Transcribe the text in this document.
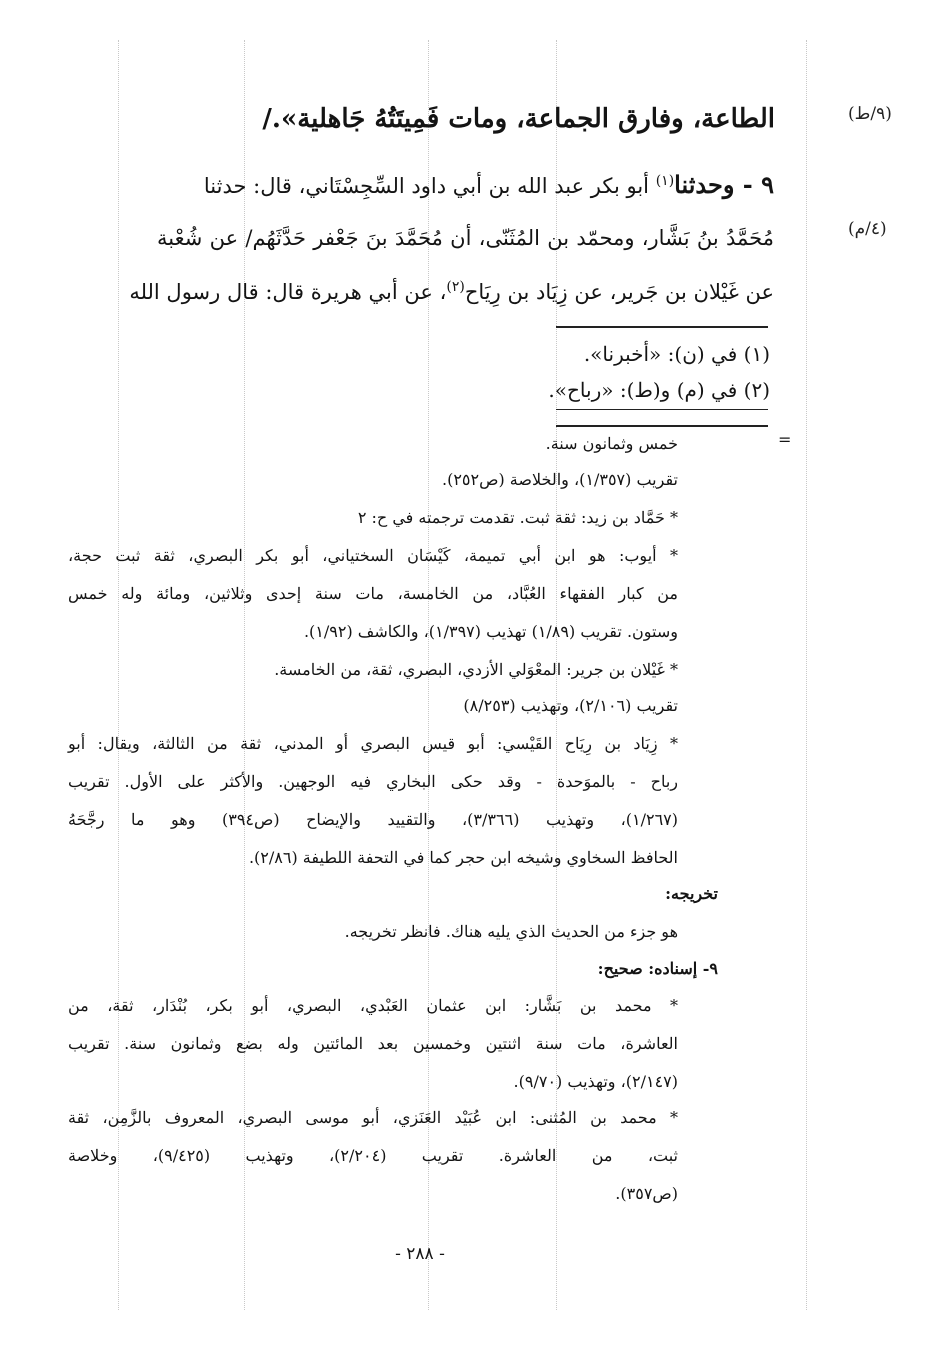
(٩/ط)
(٤/م)
الطاعة، وفارق الجماعة، ومات فَمِيتَتُهُ جَاهلية»./
٩ - وحدثنا$^{(١)}$ أبو بكر عبد الله بن أبي داود السِّجِسْتَاني، قال: حدثنا
مُحَمَّدُ بنُ بَشَّار، ومحمّد بن المُثَنّى، أن مُحَمَّدَ بنَ جَعْفر حَدَّثَهُم/ عن شُعْبة
عن غَيْلان بن جَرير، عن زِيَاد بن رِيَاح$^{(٢)}$، عن أبي هريرة قال: قال رسول الله
(١) في (ن): «أخبرنا».
(٢) في (م) و(ط): «رباح».
=
خمس وثمانون سنة.
تقريب (١/٣٥٧)، والخلاصة (ص٢٥٢).
* حَمَّاد بن زيد: ثقة ثبت. تقدمت ترجمته في ح: ٢
* أيوب: هو ابن أبي تميمة، كَيْسَان السختياني، أبو بكر البصري، ثقة ثبت حجة،
من كبار الفقهاء العُبَّاد، من الخامسة، مات سنة إحدى وثلاثين، ومائة وله خمس
وستون. تقريب (١/٨٩) تهذيب (١/٣٩٧)، والكاشف (١/٩٢).
* غَيْلان بن جرير: المعْوَلي الأزدي، البصري، ثقة، من الخامسة.
تقريب (٢/١٠٦)، وتهذيب (٨/٢٥٣)
* زِيَاد بن رِيَاح القَيْسي: أبو قيس البصري أو المدني، ثقة من الثالثة، ويقال: أبو
رباح - بالموَحدة - وقد حكى البخاري فيه الوجهين. والأكثر على الأول. تقريب
(١/٢٦٧)، وتهذيب (٣/٣٦٦)، والتقييد والإيضاح (ص٣٩٤) وهو ما رجَّحَهُ
الحافظ السخاوي وشيخه ابن حجر كما في التحفة اللطيفة (٢/٨٦).
تخريجه:
هو جزء من الحديث الذي يليه هناك. فانظر تخريجه.
٩- إسناده: صحيح:
* محمد بن بَشَّار: ابن عثمان العَبْدي، البصري، أبو بكر، بُنْدَار، ثقة، من
العاشرة، مات سنة اثنتين وخمسين بعد المائتين وله بضع وثمانون سنة. تقريب
(٢/١٤٧)، وتهذيب (٩/٧٠).
* محمد بن المُثنى: ابن عُبَيْد العَنَزي، أبو موسى البصري، المعروف بالزَّمِن، ثقة
ثبت، من العاشرة. تقريب (٢/٢٠٤)، وتهذيب (٩/٤٢٥)، وخلاصة
(ص٣٥٧).
- ٢٨٨ -
